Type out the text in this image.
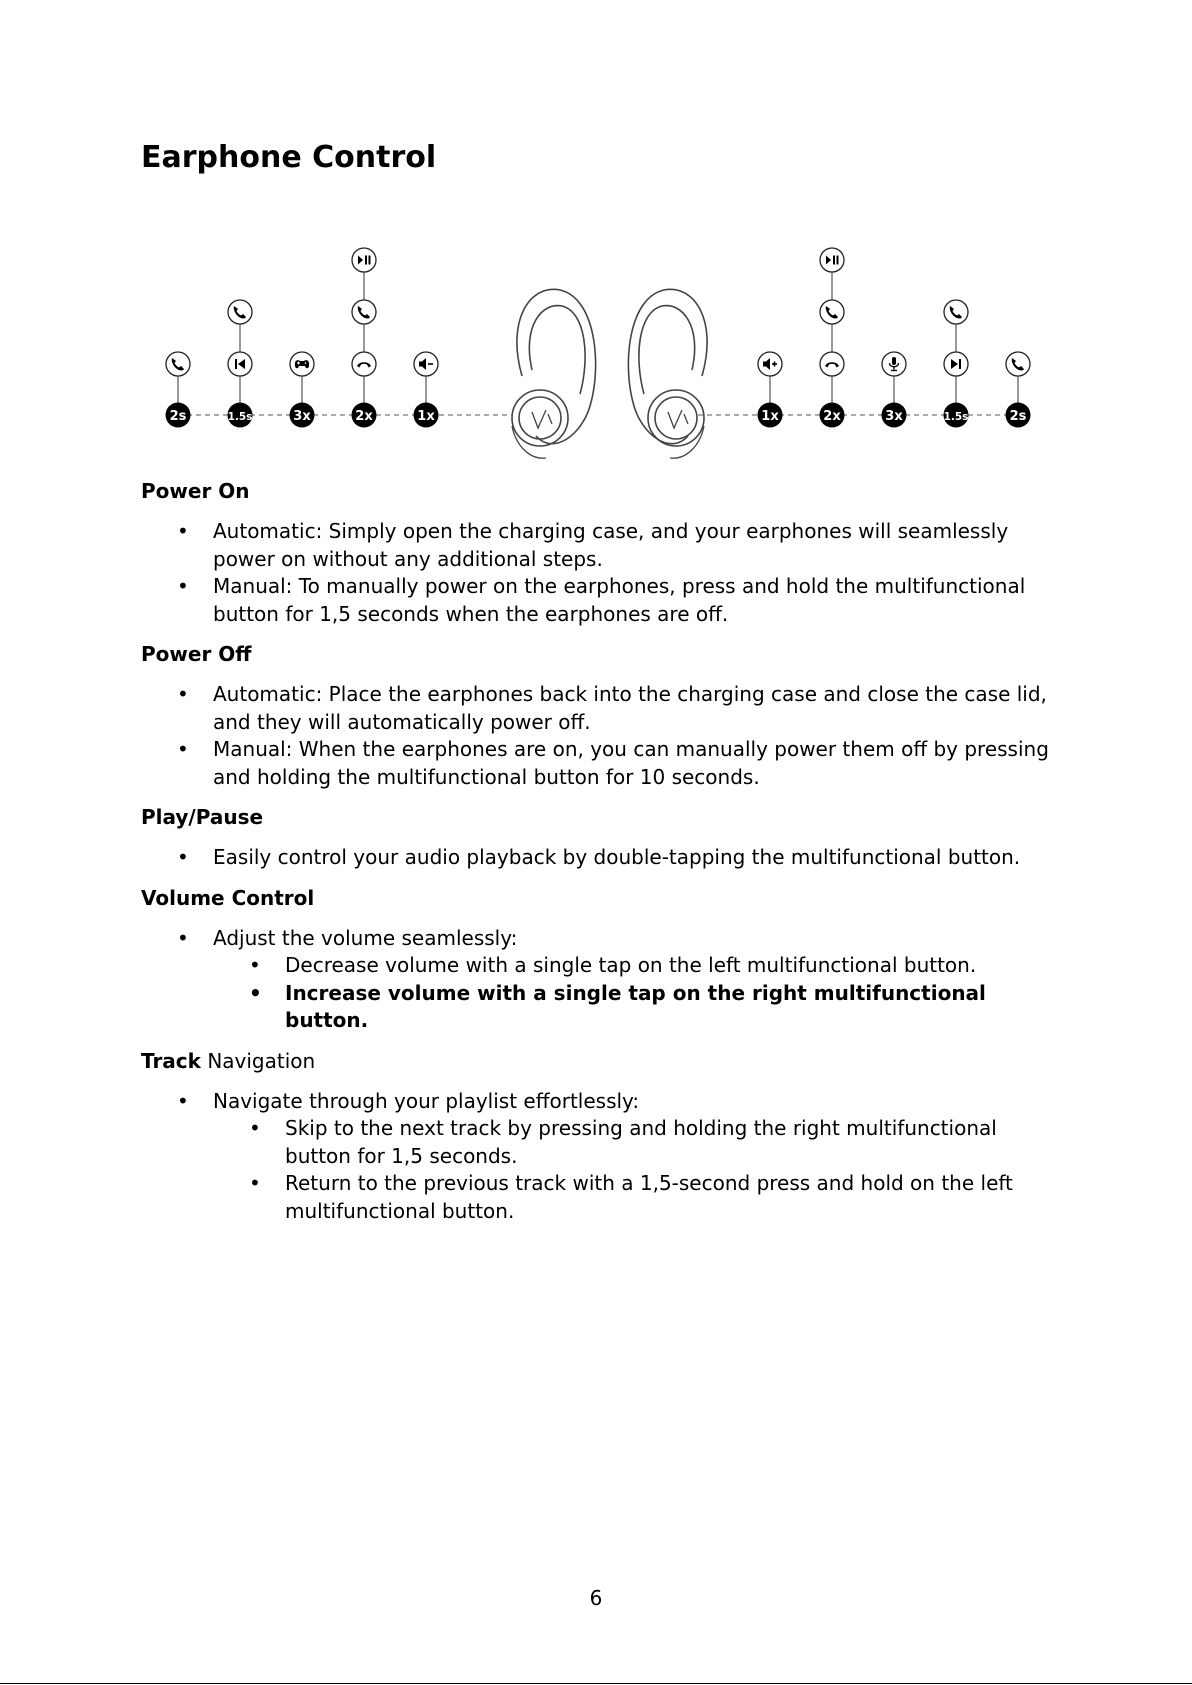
Earphone Control
2s	1.5s	3x	2x	1x	1x	2x	3x	1.5s	2s
Power On
• Automatic: Simply open the charging case, and your earphones will seamlessly power on without any additional steps.
• Manual: To manually power on the earphones, press and hold the multifunctional button for 1,5 seconds when the earphones are off.
Power Off
• Automatic: Place the earphones back into the charging case and close the case lid, and they will automatically power off.
• Manual: When the earphones are on, you can manually power them off by pressing and holding the multifunctional button for 10 seconds.
Play/Pause
• Easily control your audio playback by double-tapping the multifunctional button.
Volume Control
• Adjust the volume seamlessly:
• Decrease volume with a single tap on the left multifunctional button.
• Increase volume with a single tap on the right multifunctional button.
Track Navigation
• Navigate through your playlist effortlessly:
• Skip to the next track by pressing and holding the right multifunctional button for 1,5 seconds.
• Return to the previous track with a 1,5-second press and hold on the left multifunctional button.
6
